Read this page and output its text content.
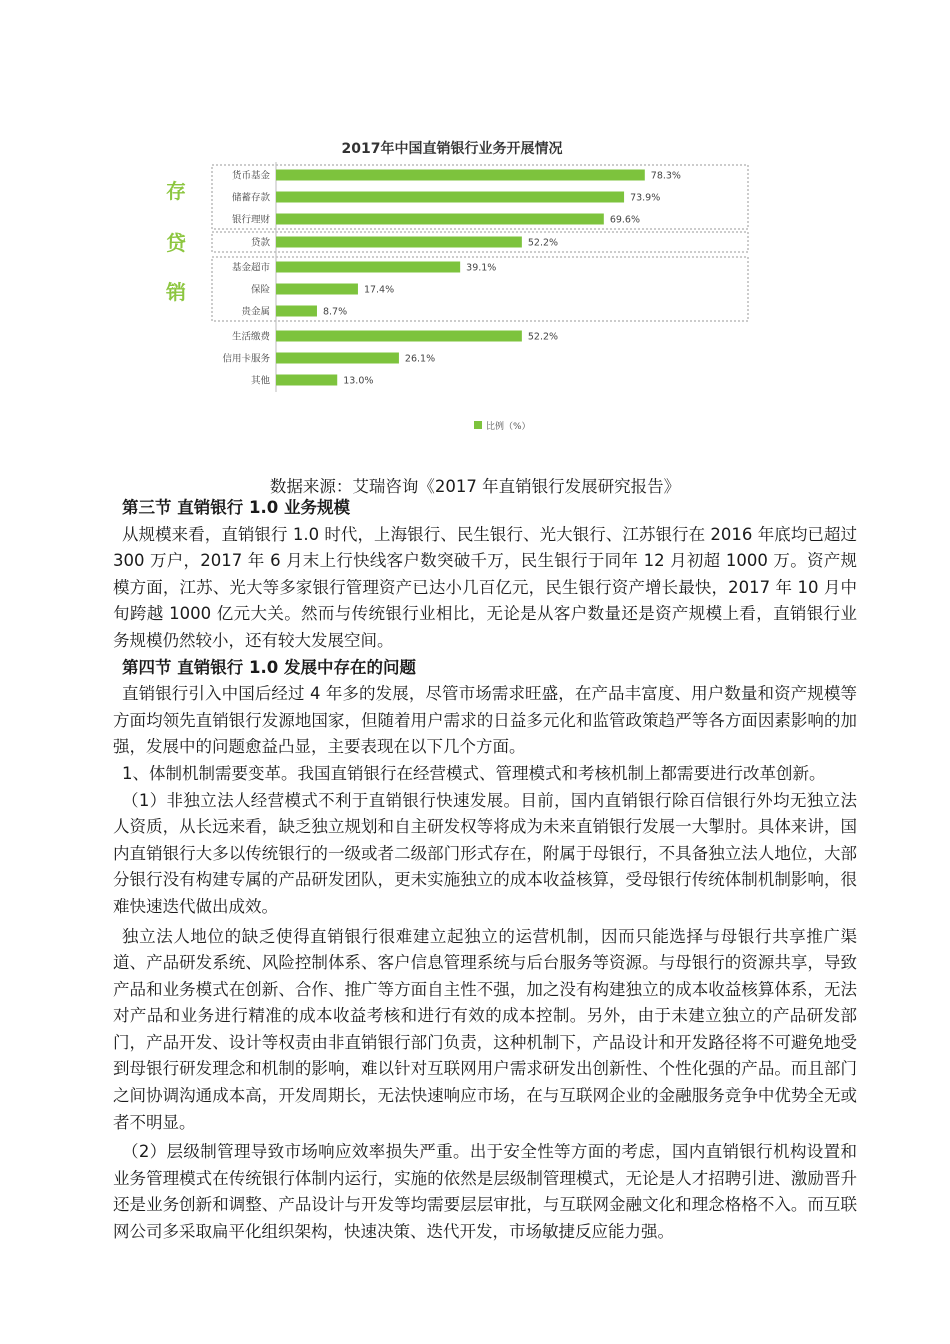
2017年中国直销银行业务开展情况
存
贷
销
货币基金	78.3%
储蓄存款	73.9%
银行理财	69.6%
贷款	52.2%
基金超市	39.1%
保险	17.4%
贵金属	8.7%
生活缴费	52.2%
信用卡服务	26.1%
其他	13.0%
比例（%）
数据来源：艾瑞咨询《2017 年直销银行发展研究报告》

第三节 直销银行 1.0 业务规模

从规模来看，直销银行 1.0 时代，上海银行、民生银行、光大银行、江苏银行在 2016 年底均已超过 300 万户，2017 年 6 月末上行快线客户数突破千万，民生银行于同年 12 月初超 1000 万。资产规模方面，江苏、光大等多家银行管理资产已达小几百亿元，民生银行资产增长最快，2017 年 10 月中旬跨越 1000 亿元大关。然而与传统银行业相比，无论是从客户数量还是资产规模上看，直销银行业务规模仍然较小，还有较大发展空间。

第四节 直销银行 1.0 发展中存在的问题

直销银行引入中国后经过 4 年多的发展，尽管市场需求旺盛，在产品丰富度、用户数量和资产规模等方面均领先直销银行发源地国家，但随着用户需求的日益多元化和监管政策趋严等各方面因素影响的加强，发展中的问题愈益凸显，主要表现在以下几个方面。

1、体制机制需要变革。我国直销银行在经营模式、管理模式和考核机制上都需要进行改革创新。

（1）非独立法人经营模式不利于直销银行快速发展。目前，国内直销银行除百信银行外均无独立法人资质，从长远来看，缺乏独立规划和自主研发权等将成为未来直销银行发展一大掣肘。具体来讲，国内直销银行大多以传统银行的一级或者二级部门形式存在，附属于母银行，不具备独立法人地位，大部分银行没有构建专属的产品研发团队，更未实施独立的成本收益核算，受母银行传统体制机制影响，很难快速迭代做出成效。

独立法人地位的缺乏使得直销银行很难建立起独立的运营机制，因而只能选择与母银行共享推广渠道、产品研发系统、风险控制体系、客户信息管理系统与后台服务等资源。与母银行的资源共享，导致产品和业务模式在创新、合作、推广等方面自主性不强，加之没有构建独立的成本收益核算体系，无法对产品和业务进行精准的成本收益考核和进行有效的成本控制。另外，由于未建立独立的产品研发部门，产品开发、设计等权责由非直销银行部门负责，这种机制下，产品设计和开发路径将不可避免地受到母银行研发理念和机制的影响，难以针对互联网用户需求研发出创新性、个性化强的产品。而且部门之间协调沟通成本高，开发周期长，无法快速响应市场，在与互联网企业的金融服务竞争中优势全无或者不明显。

（2）层级制管理导致市场响应效率损失严重。出于安全性等方面的考虑，国内直销银行机构设置和业务管理模式在传统银行体制内运行，实施的依然是层级制管理模式，无论是人才招聘引进、激励晋升还是业务创新和调整、产品设计与开发等均需要层层审批，与互联网金融文化和理念格格不入。而互联网公司多采取扁平化组织架构，快速决策、迭代开发，市场敏捷反应能力强。
